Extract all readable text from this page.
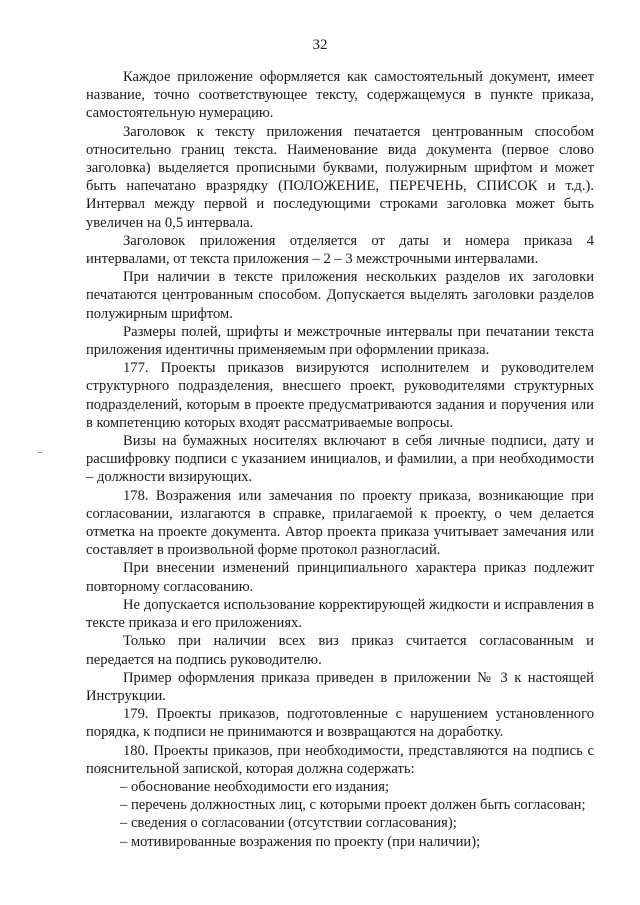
32

Каждое приложение оформляется как самостоятельный документ, имеет название, точно соответствующее тексту, содержащемуся в пункте приказа, самостоятельную нумерацию.

Заголовок к тексту приложения печатается центрованным способом относительно границ текста. Наименование вида документа (первое слово заголовка) выделяется прописными буквами, полужирным шрифтом и может быть напечатано вразрядку (ПОЛОЖЕНИЕ, ПЕРЕЧЕНЬ, СПИСОК и т.д.). Интервал между первой и последующими строками заголовка может быть увеличен на 0,5 интервала.

Заголовок приложения отделяется от даты и номера приказа 4 интервалами, от текста приложения – 2 – 3 межстрочными интервалами.

При наличии в тексте приложения нескольких разделов их заголовки печатаются центрованным способом. Допускается выделять заголовки разделов полужирным шрифтом.

Размеры полей, шрифты и межстрочные интервалы при печатании текста приложения идентичны применяемым при оформлении приказа.

177. Проекты приказов визируются исполнителем и руководителем структурного подразделения, внесшего проект, руководителями структурных подразделений, которым в проекте предусматриваются задания и поручения или в компетенцию которых входят рассматриваемые вопросы.

Визы на бумажных носителях включают в себя личные подписи, дату и расшифровку подписи с указанием инициалов, и фамилии, а при необходимости – должности визирующих.

178. Возражения или замечания по проекту приказа, возникающие при согласовании, излагаются в справке, прилагаемой к проекту, о чем делается отметка на проекте документа. Автор проекта приказа учитывает замечания или составляет в произвольной форме протокол разногласий.

При внесении изменений принципиального характера приказ подлежит повторному согласованию.

Не допускается использование корректирующей жидкости и исправления в тексте приказа и его приложениях.

Только при наличии всех виз приказ считается согласованным и передается на подпись руководителю.

Пример оформления приказа приведен в приложении № 3 к настоящей Инструкции.

179. Проекты приказов, подготовленные с нарушением установленного порядка, к подписи не принимаются и возвращаются на доработку.

180. Проекты приказов, при необходимости, представляются на подпись с пояснительной запиской, которая должна содержать:

– обоснование необходимости его издания;

– перечень должностных лиц, с которыми проект должен быть согласован;

– сведения о согласовании (отсутствии согласования);

– мотивированные возражения по проекту (при наличии);
